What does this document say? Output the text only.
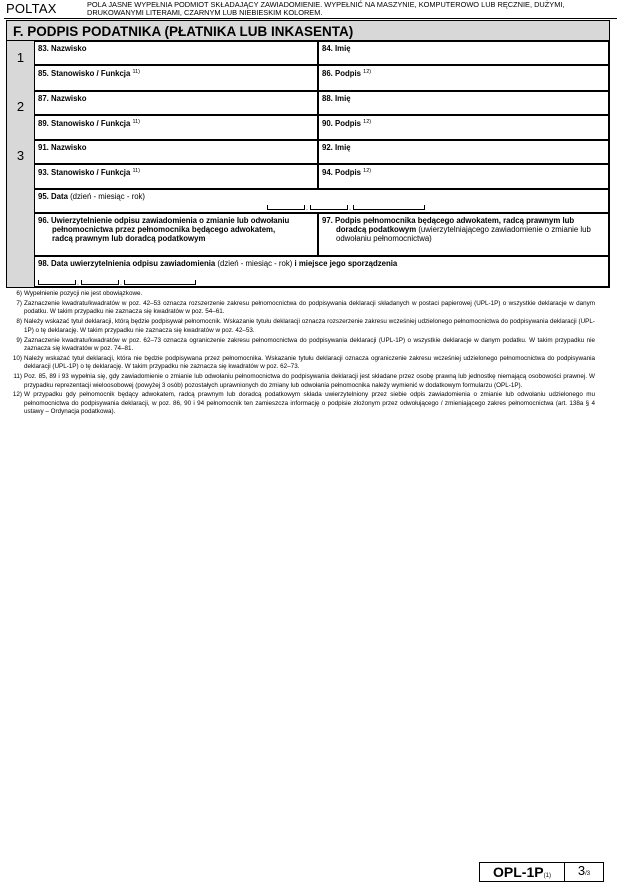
POLTAX	POLA JASNE WYPEŁNIA PODMIOT SKŁADAJĄCY ZAWIADOMIENIE. WYPEŁNIĆ NA MASZYNIE, KOMPUTEROWO LUB RĘCZNIE, DUŻYMI, DRUKOWANYMI LITERAMI, CZARNYM LUB NIEBIESKIM KOLOREM.
F. PODPIS PODATNIKA (PŁATNIKA LUB INKASENTA)
1
83. Nazwisko	84. Imię
85. Stanowisko / Funkcja $^{11)}$	86. Podpis $^{12)}$
2
87. Nazwisko	88. Imię
89. Stanowisko / Funkcja $^{11)}$	90. Podpis $^{12)}$
3
91. Nazwisko	92. Imię
93. Stanowisko / Funkcja $^{11)}$	94. Podpis $^{12)}$
95. Data (dzień - miesiąc - rok)
.	.
96. Uwierzytelnienie odpisu zawiadomienia o zmianie lub odwołaniu pełnomocnictwa przez pełnomocnika będącego adwokatem, radcą prawnym lub doradcą podatkowym
97. Podpis pełnomocnika będącego adwokatem, radcą prawnym lub doradcą podatkowym (uwierzytelniającego zawiadomienie o zmianie lub odwołaniu pełnomocnictwa)
98. Data uwierzytelnienia odpisu zawiadomienia (dzień - miesiąc - rok) i miejsce jego sporządzenia
.	.
6) Wypełnienie pozycji nie jest obowiązkowe.
7) Zaznaczenie kwadratu/kwadratów w poz. 42–53 oznacza rozszerzenie zakresu pełnomocnictwa do podpisywania deklaracji składanych w postaci papierowej (UPL-1P) o wszystkie deklaracje w danym podatku. W takim przypadku nie zaznacza się kwadratów w poz. 54–61.
8) Należy wskazać tytuł deklaracji, którą będzie podpisywał pełnomocnik. Wskazanie tytułu deklaracji oznacza rozszerzenie zakresu wcześniej udzielonego pełnomocnictwa do podpisywania deklaracji (UPL-1P) o tę deklarację. W takim przypadku nie zaznacza się kwadratów w poz. 42–53.
9) Zaznaczenie kwadratu/kwadratów w poz. 62–73 oznacza ograniczenie zakresu pełnomocnictwa do podpisywania deklaracji (UPL-1P) o wszystkie deklaracje w danym podatku. W takim przypadku nie zaznacza się kwadratów w poz. 74–81.
10) Należy wskazać tytuł deklaracji, która nie będzie podpisywana przez pełnomocnika. Wskazanie tytułu deklaracji oznacza ograniczenie zakresu wcześniej udzielonego pełnomocnictwa do podpisywania deklaracji (UPL-1P) o tę deklarację. W takim przypadku nie zaznacza się kwadratów w poz. 62–73.
11) Poz. 85, 89 i 93 wypełnia się, gdy zawiadomienie o zmianie lub odwołaniu pełnomocnictwa do podpisywania deklaracji jest składane przez osobę prawną lub jednostkę niemającą osobowości prawnej. W przypadku reprezentacji wieloosobowej (powyżej 3 osób) pozostałych uprawnionych do zmiany lub odwołania pełnomocnika należy wymienić w dodatkowym formularzu (OPL-1P).
12) W przypadku gdy pełnomocnik będący adwokatem, radcą prawnym lub doradcą podatkowym składa uwierzytelniony przez siebie odpis zawiadomienia o zmianie lub odwołaniu udzielonego mu pełnomocnictwa do podpisywania deklaracji, w poz. 86, 90 i 94 pełnomocnik ten zamieszcza informację o podpisie złożonym przez odwołującego / zmieniającego zakres pełnomocnictwa (art. 138a § 4 ustawy – Ordynacja podatkowa).
OPL-1P(1)	3/3
